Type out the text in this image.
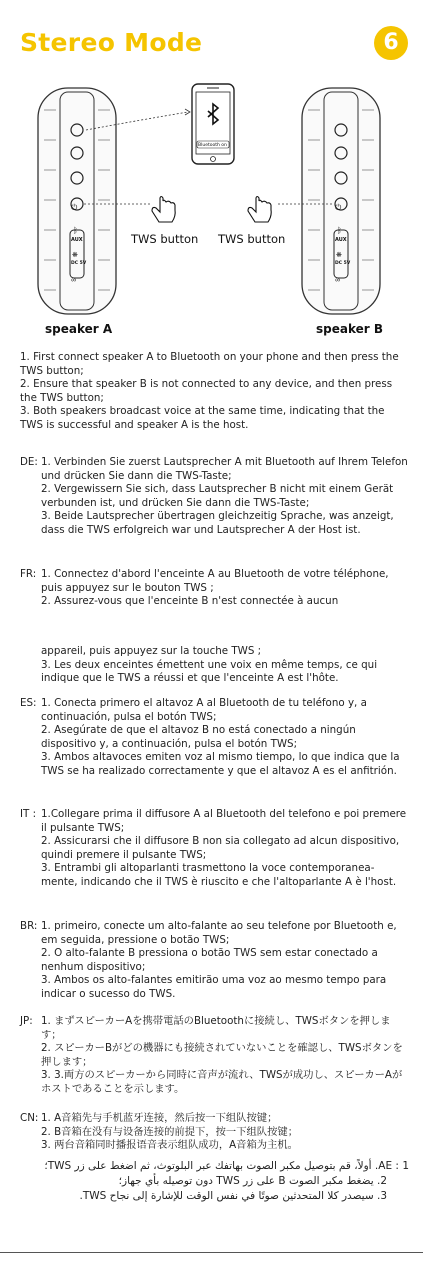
Stereo Mode	6
⏻
ᛒ
❋
∞
⏻
ᛒ
❋
∞
AUX
DC 5V
AUX
DC 5V
Bluetooth on
TWS button TWS button
speaker A	speaker B

1. First connect speaker A to Bluetooth on your phone and then press the TWS button;

2. Ensure that speaker B is not connected to any device, and then press the TWS button;

3. Both speakers broadcast voice at the same time, indicating that the TWS is successful and speaker A is the host.

DE: 1. Verbinden Sie zuerst Lautsprecher A mit Bluetooth auf Ihrem Telefon und drücken Sie dann die TWS-Taste;

2. Vergewissern Sie sich, dass Lautsprecher B nicht mit einem Gerät verbunden ist, und drücken Sie dann die TWS-Taste;

3. Beide Lautsprecher übertragen gleichzeitig Sprache, was anzeigt, dass die TWS erfolgreich war und Lautsprecher A der Host ist.

FR: 1. Connectez d'abord l'enceinte A au Bluetooth de votre téléphone, puis appuyez sur le bouton TWS ;

2. Assurez-vous que l'enceinte B n'est connectée à aucun

appareil, puis appuyez sur la touche TWS ;

3. Les deux enceintes émettent une voix en même temps, ce qui indique que le TWS a réussi et que l'enceinte A est l'hôte.

ES: 1. Conecta primero el altavoz A al Bluetooth de tu teléfono y, a continuación, pulsa el botón TWS;

2. Asegúrate de que el altavoz B no está conectado a ningún dispositivo y, a continuación, pulsa el botón TWS;

3. Ambos altavoces emiten voz al mismo tiempo, lo que indica que la TWS se ha realizado correctamente y que el altavoz A es el anfitrión.

IT : 1.Collegare prima il diffusore A al Bluetooth del telefono e poi premere il pulsante TWS;

2. Assicurarsi che il diffusore B non sia collegato ad alcun dispositivo, quindi premere il pulsante TWS;

3. Entrambi gli altoparlanti trasmettono la voce contemporanea-mente, indicando che il TWS è riuscito e che l'altoparlante A è l'host.

BR: 1. primeiro, conecte um alto-falante ao seu telefone por Bluetooth e, em seguida, pressione o botão TWS;

2. O alto-falante B pressiona o botão TWS sem estar conectado a nenhum dispositivo;

3. Ambos os alto-falantes emitirão uma voz ao mesmo tempo para indicar o sucesso do TWS.

JP: 1. まずスピーカーAを携帯電話のBluetoothに接続し、TWSボタンを押します；

2. スピーカーBがどの機器にも接続されていないことを確認し、TWSボタンを押します；

3. 3.両方のスピーカーから同時に音声が流れ、TWSが成功し、スピーカーAがホストであることを示します。

CN: 1. A音箱先与手机蓝牙连接，然后按一下组队按键；

2. B音箱在没有与设备连接的前提下，按一下组队按键；

3. 两台音箱同时播报语音表示组队成功，A音箱为主机。

AE : 1. أولاً، قم بتوصيل مكبر الصوت بهاتفك عبر البلوتوث، ثم اضغط على زر TWS؛

2. يضغط مكبر الصوت B على زر TWS دون توصيله بأي جهاز؛

3. سيصدر كلا المتحدثين صوتًا في نفس الوقت للإشارة إلى نجاح TWS.
